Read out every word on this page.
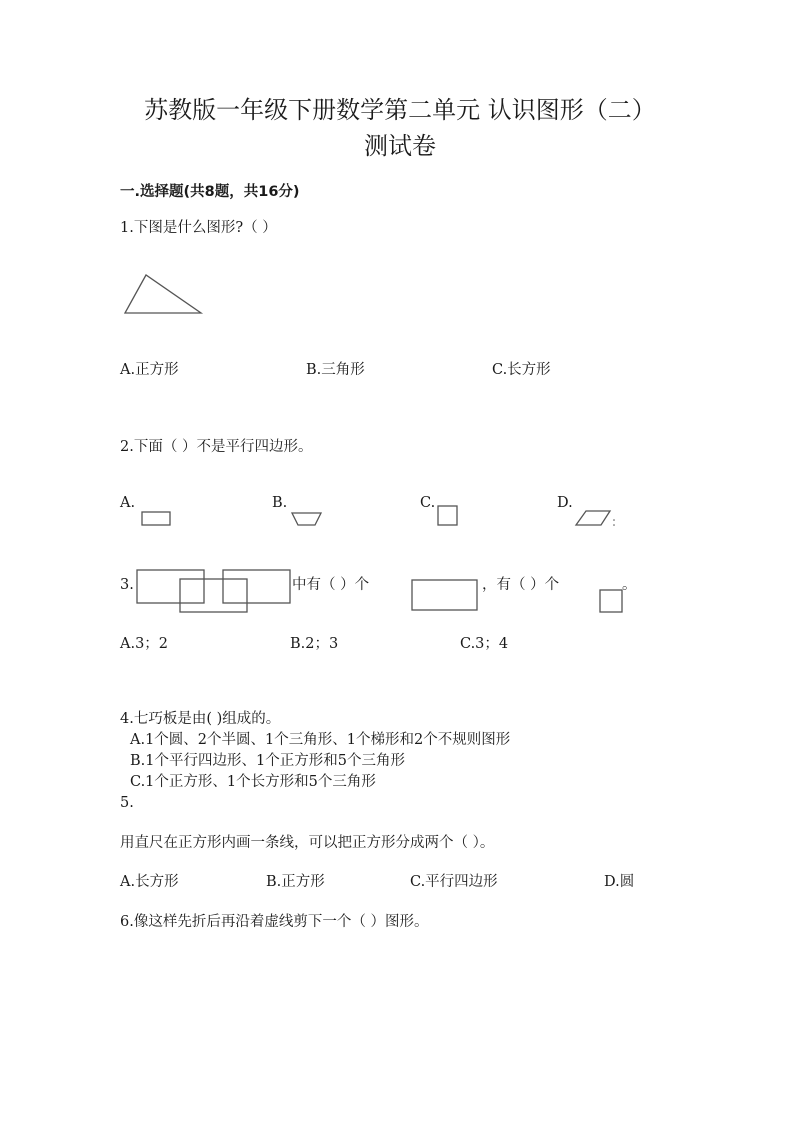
苏教版一年级下册数学第二单元 认识图形（二）
测试卷
一.选择题(共8题，共16分)
1.下图是什么图形?（ ）
A.正方形	B.三角形	C.长方形
2.下面（ ）不是平行四边形。
A.	B.	C.	D.
3.	中有（ ）个	，有（ ）个	。
A.3；2	B.2；3	C.3；4
4.七巧板是由( )组成的。
A.1个圆、2个半圆、1个三角形、1个梯形和2个不规则图形
B.1个平行四边形、1个正方形和5个三角形
C.1个正方形、1个长方形和5个三角形
5.
用直尺在正方形内画一条线，可以把正方形分成两个（ ）。
A.长方形	B.正方形	C.平行四边形	D.圆
6.像这样先折后再沿着虚线剪下一个（ ）图形。
